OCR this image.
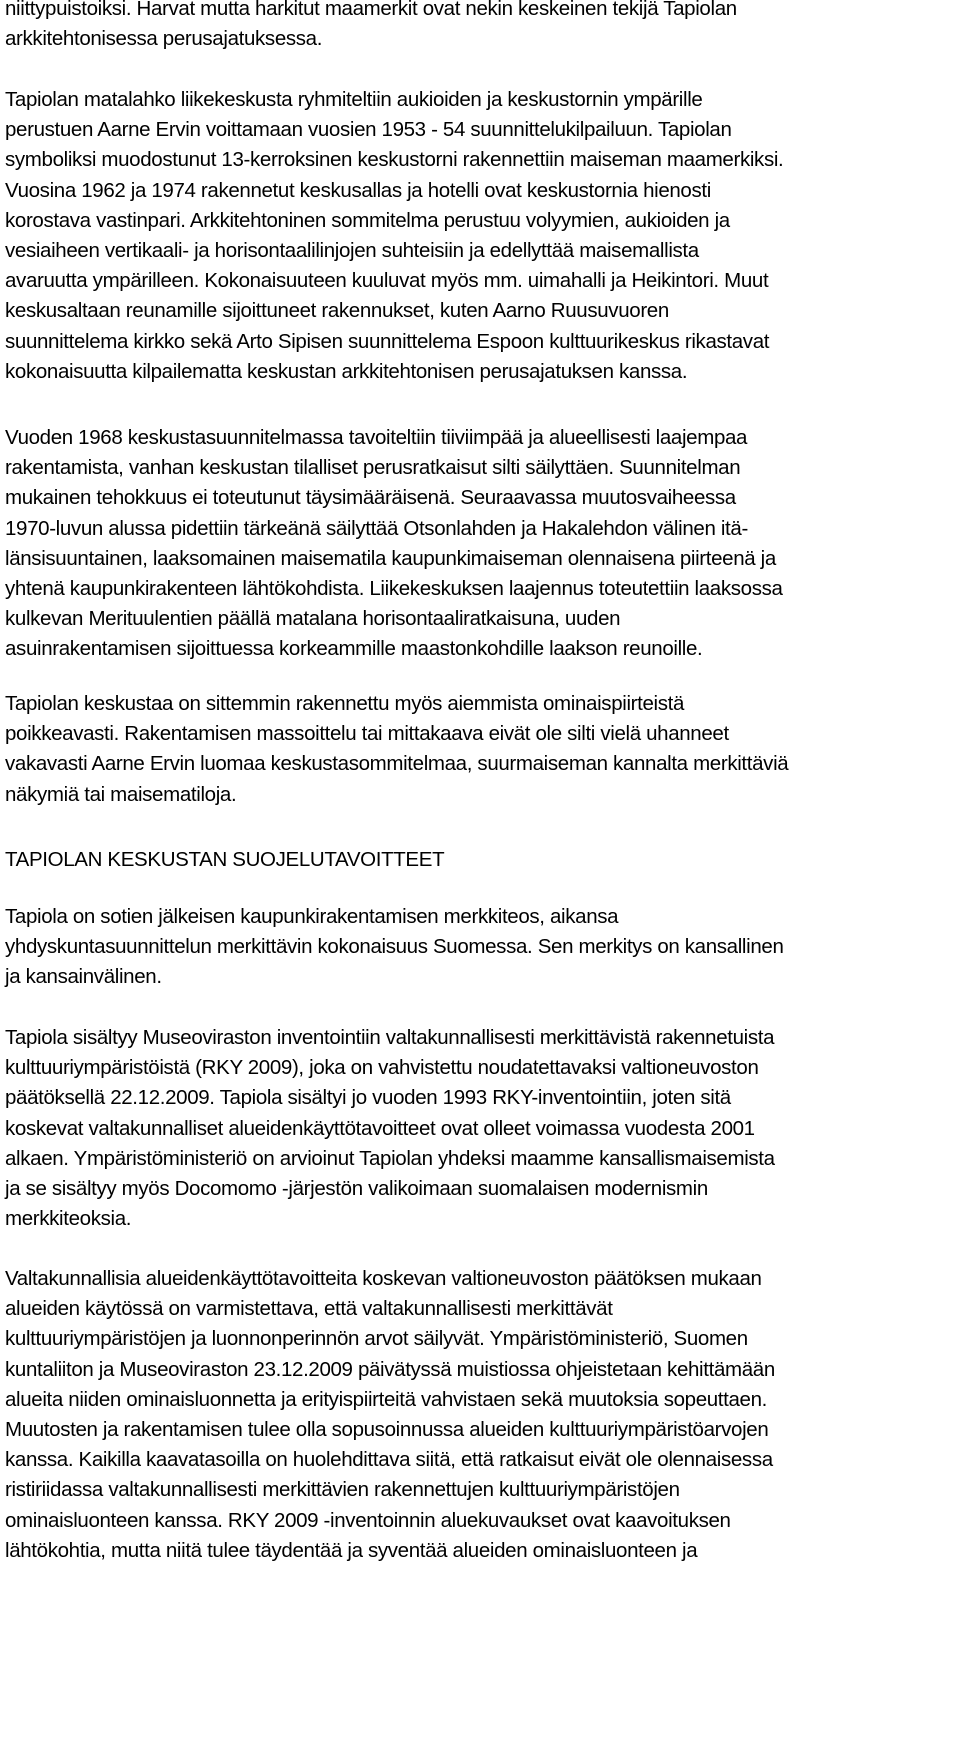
niittypuistoiksi. Harvat mutta harkitut maamerkit ovat nekin keskeinen tekijä Tapiolan
arkkitehtonisessa perusajatuksessa.

Tapiolan matalahko liikekeskusta ryhmiteltiin aukioiden ja keskustornin ympärille
perustuen Aarne Ervin voittamaan vuosien 1953 - 54 suunnittelukilpailuun. Tapiolan
symboliksi muodostunut 13-kerroksinen keskustorni rakennettiin maiseman maamerkiksi.
Vuosina 1962 ja 1974 rakennetut keskusallas ja hotelli ovat keskustornia hienosti
korostava vastinpari. Arkkitehtoninen sommitelma perustuu volyymien, aukioiden ja
vesiaiheen vertikaali- ja horisontaalilinjojen suhteisiin ja edellyttää maisemallista
avaruutta ympärilleen. Kokonaisuuteen kuuluvat myös mm. uimahalli ja Heikintori. Muut
keskusaltaan reunamille sijoittuneet rakennukset, kuten Aarno Ruusuvuoren
suunnittelema kirkko sekä Arto Sipisen suunnittelema Espoon kulttuurikeskus rikastavat
kokonaisuutta kilpailematta keskustan arkkitehtonisen perusajatuksen kanssa.

Vuoden 1968 keskustasuunnitelmassa tavoiteltiin tiiviimpää ja alueellisesti laajempaa
rakentamista, vanhan keskustan tilalliset perusratkaisut silti säilyttäen. Suunnitelman
mukainen tehokkuus ei toteutunut täysimääräisenä. Seuraavassa muutosvaiheessa
1970-luvun alussa pidettiin tärkeänä säilyttää Otsonlahden ja Hakalehdon välinen itä-
länsisuuntainen, laaksomainen maisematila kaupunkimaiseman olennaisena piirteenä ja
yhtenä kaupunkirakenteen lähtökohdista. Liikekeskuksen laajennus toteutettiin laaksossa
kulkevan Merituulentien päällä matalana horisontaaliratkaisuna, uuden
asuinrakentamisen sijoittuessa korkeammille maastonkohdille laakson reunoille.

Tapiolan keskustaa on sittemmin rakennettu myös aiemmista ominaispiirteistä
poikkeavasti. Rakentamisen massoittelu tai mittakaava eivät ole silti vielä uhanneet
vakavasti Aarne Ervin luomaa keskustasommitelmaa, suurmaiseman kannalta merkittäviä
näkymiä tai maisematiloja.

TAPIOLAN KESKUSTAN SUOJELUTAVOITTEET

Tapiola on sotien jälkeisen kaupunkirakentamisen merkkiteos, aikansa
yhdyskuntasuunnittelun merkittävin kokonaisuus Suomessa. Sen merkitys on kansallinen
ja kansainvälinen.

Tapiola sisältyy Museoviraston inventointiin valtakunnallisesti merkittävistä rakennetuista
kulttuuriympäristöistä (RKY 2009), joka on vahvistettu noudatettavaksi valtioneuvoston
päätöksellä 22.12.2009. Tapiola sisältyi jo vuoden 1993 RKY-inventointiin, joten sitä
koskevat valtakunnalliset alueidenkäyttötavoitteet ovat olleet voimassa vuodesta 2001
alkaen. Ympäristöministeriö on arvioinut Tapiolan yhdeksi maamme kansallismaisemista
ja se sisältyy myös Docomomo -järjestön valikoimaan suomalaisen modernismin
merkkiteoksia.

Valtakunnallisia alueidenkäyttötavoitteita koskevan valtioneuvoston päätöksen mukaan
alueiden käytössä on varmistettava, että valtakunnallisesti merkittävät
kulttuuriympäristöjen ja luonnonperinnön arvot säilyvät. Ympäristöministeriö, Suomen
kuntaliiton ja Museoviraston 23.12.2009 päivätyssä muistiossa ohjeistetaan kehittämään
alueita niiden ominaisluonnetta ja erityispiirteitä vahvistaen sekä muutoksia sopeuttaen.
Muutosten ja rakentamisen tulee olla sopusoinnussa alueiden kulttuuriympäristöarvojen
kanssa. Kaikilla kaavatasoilla on huolehdittava siitä, että ratkaisut eivät ole olennaisessa
ristiriidassa valtakunnallisesti merkittävien rakennettujen kulttuuriympäristöjen
ominaisluonteen kanssa. RKY 2009 -inventoinnin aluekuvaukset ovat kaavoituksen
lähtökohtia, mutta niitä tulee täydentää ja syventää alueiden ominaisluonteen ja
